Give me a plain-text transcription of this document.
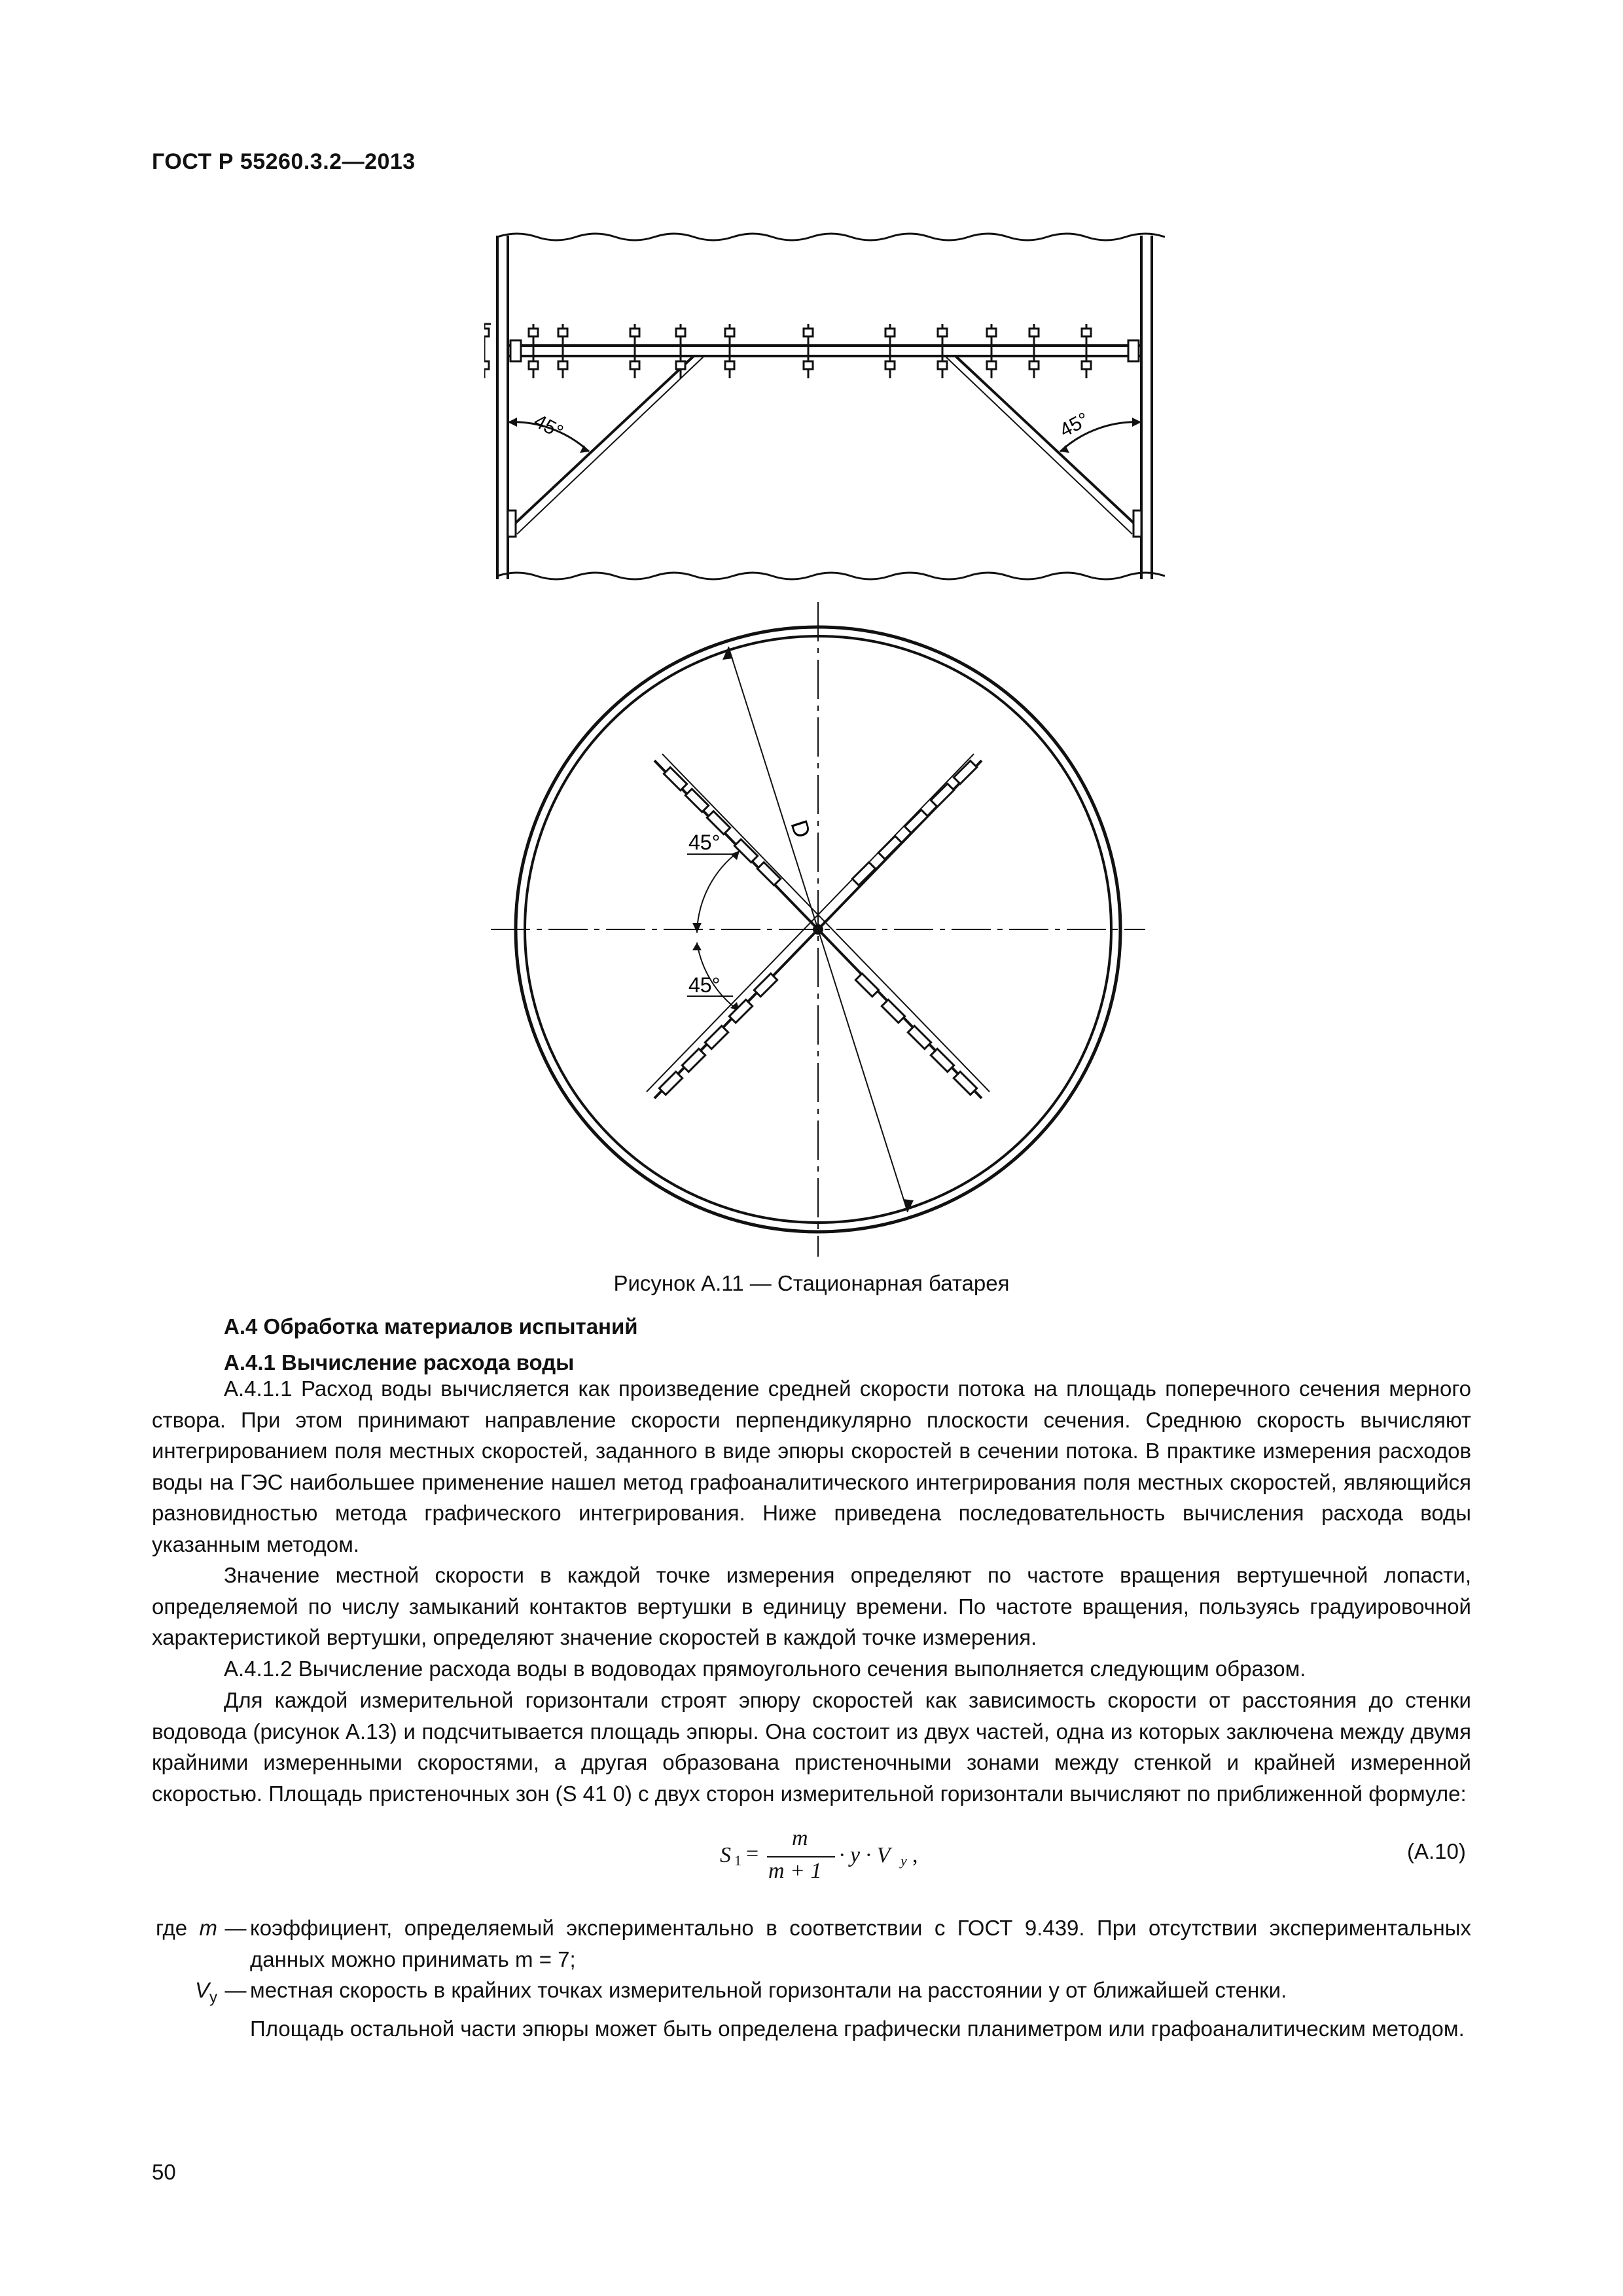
ГОСТ Р 55260.3.2—2013
45°	45°
45°
45°
D
Рисунок А.11 — Стационарная батарея
А.4 Обработка материалов испытаний
А.4.1 Вычисление расхода воды
А.4.1.1 Расход воды вычисляется как произведение средней скорости потока на площадь поперечного сечения мерного створа. При этом принимают направление скорости перпендикулярно плоскости сечения. Среднюю скорость вычисляют интегрированием поля местных скоростей, заданного в виде эпюры скоростей в сечении потока. В практике измерения расходов воды на ГЭС наибольшее применение нашел метод графоаналитического интегрирования поля местных скоростей, являющийся разновидностью метода графического интегрирования. Ниже приведена последовательность вычисления расхода воды указанным методом.
Значение местной скорости в каждой точке измерения определяют по частоте вращения вертушечной лопасти, определяемой по числу замыканий контактов вертушки в единицу времени. По частоте вращения, пользуясь градуировочной характеристикой вертушки, определяют значение скоростей в каждой точке измерения.
А.4.1.2 Вычисление расхода воды в водоводах прямоугольного сечения выполняется следующим образом.
Для каждой измерительной горизонтали строят эпюру скоростей как зависимость скорости от расстояния до стенки водовода (рисунок А.13) и подсчитывается площадь эпюры. Она состоит из двух частей, одна из которых заключена между двумя крайними измеренными скоростями, а другая образована пристеночными зонами между стенкой и крайней измеренной скоростью. Площадь пристеночных зон (S 41 0) с двух сторон измерительной горизонтали вычисляют по приближенной формуле:
S 1 =
m
m + 1
· y · V y ,	(А.10)
где m — коэффициент, определяемый экспериментально в соответствии с ГОСТ 9.439. При отсутствии экспериментальных данных можно принимать m = 7;
$V_y$ — местная скорость в крайних точках измерительной горизонтали на расстоянии y от ближайшей стенки.
Площадь остальной части эпюры может быть определена графически планиметром или графоаналитическим методом.
50
